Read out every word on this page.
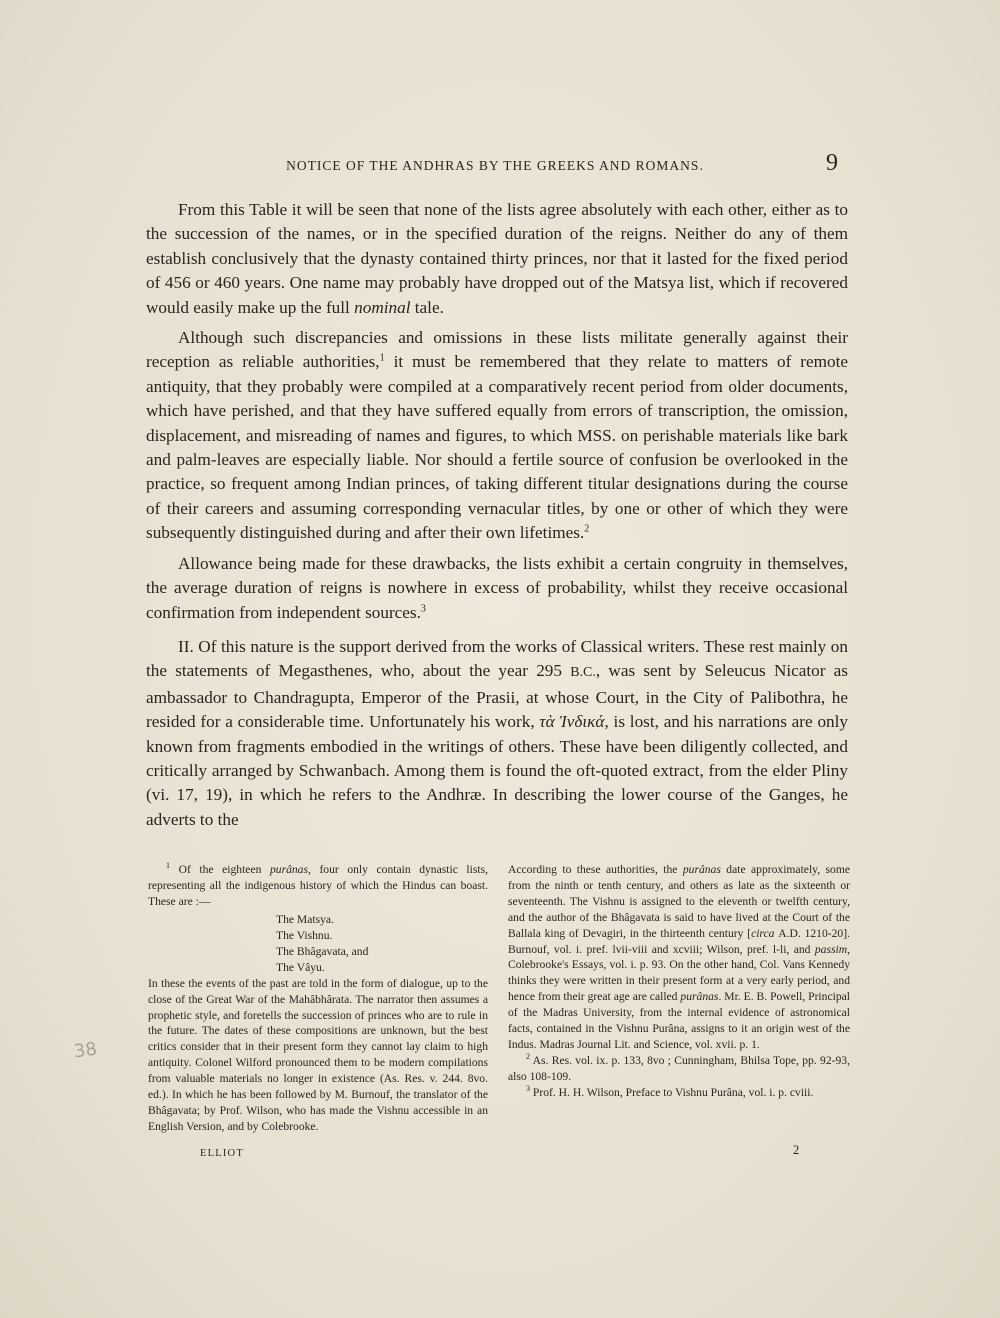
NOTICE OF THE ANDHRAS BY THE GREEKS AND ROMANS.	9

From this Table it will be seen that none of the lists agree absolutely with each other, either as to the succession of the names, or in the specified duration of the reigns. Neither do any of them establish conclusively that the dynasty contained thirty princes, nor that it lasted for the fixed period of 456 or 460 years. One name may probably have dropped out of the Matsya list, which if recovered would easily make up the full nominal tale.

Although such discrepancies and omissions in these lists militate generally against their reception as reliable authorities,$^1$ it must be remembered that they relate to matters of remote antiquity, that they probably were compiled at a comparatively recent period from older documents, which have perished, and that they have suffered equally from errors of transcription, the omission, displacement, and misreading of names and figures, to which MSS. on perishable materials like bark and palm-leaves are especially liable. Nor should a fertile source of confusion be overlooked in the practice, so frequent among Indian princes, of taking different titular designations during the course of their careers and assuming corresponding vernacular titles, by one or other of which they were subsequently distinguished during and after their own lifetimes.$^2$

Allowance being made for these drawbacks, the lists exhibit a certain congruity in themselves, the average duration of reigns is nowhere in excess of probability, whilst they receive occasional confirmation from independent sources.$^3$

II. Of this nature is the support derived from the works of Classical writers. These rest mainly on the statements of Megasthenes, who, about the year 295 B.C., was sent by Seleucus Nicator as ambassador to Chandragupta, Emperor of the Prasii, at whose Court, in the City of Palibothra, he resided for a considerable time. Unfortunately his work, τὰ Ἰνδικά, is lost, and his narrations are only known from fragments embodied in the writings of others. These have been diligently collected, and critically arranged by Schwanbach. Among them is found the oft-quoted extract, from the elder Pliny (vi. 17, 19), in which he refers to the Andhræ. In describing the lower course of the Ganges, he adverts to the

$^1$ Of the eighteen purânas, four only contain dynastic lists, representing all the indigenous history of which the Hindus can boast. These are :—

The Matsya.
The Vishnu.
The Bhâgavata, and
The Vâyu.

In these the events of the past are told in the form of dialogue, up to the close of the Great War of the Mahâbhârata. The narrator then assumes a prophetic style, and foretells the succession of princes who are to rule in the future. The dates of these compositions are unknown, but the best critics consider that in their present form they cannot lay claim to high antiquity. Colonel Wilford pronounced them to be modern compilations from valuable materials no longer in existence (As. Res. v. 244. 8vo. ed.). In which he has been followed by M. Burnouf, the translator of the Bhâgavata; by Prof. Wilson, who has made the Vishnu accessible in an English Version, and by Colebrooke.

According to these authorities, the purânas date approximately, some from the ninth or tenth century, and others as late as the sixteenth or seventeenth. The Vishnu is assigned to the eleventh or twelfth century, and the author of the Bhâgavata is said to have lived at the Court of the Ballala king of Devagiri, in the thirteenth century [circa A.D. 1210-20]. Burnouf, vol. i. pref. lvii-viii and xcviii; Wilson, pref. l-li, and passim, Colebrooke's Essays, vol. i. p. 93. On the other hand, Col. Vans Kennedy thinks they were written in their present form at a very early period, and hence from their great age are called purânas. Mr. E. B. Powell, Principal of the Madras University, from the internal evidence of astronomical facts, contained in the Vishnu Purâna, assigns to it an origin west of the Indus. Madras Journal Lit. and Science, vol. xvii. p. 1.

$^2$ As. Res. vol. ix. p. 133, 8vo ; Cunningham, Bhilsa Tope, pp. 92-93, also 108-109.

$^3$ Prof. H. H. Wilson, Preface to Vishnu Purâna, vol. i. p. cviii.

38
ELLIOT	2
